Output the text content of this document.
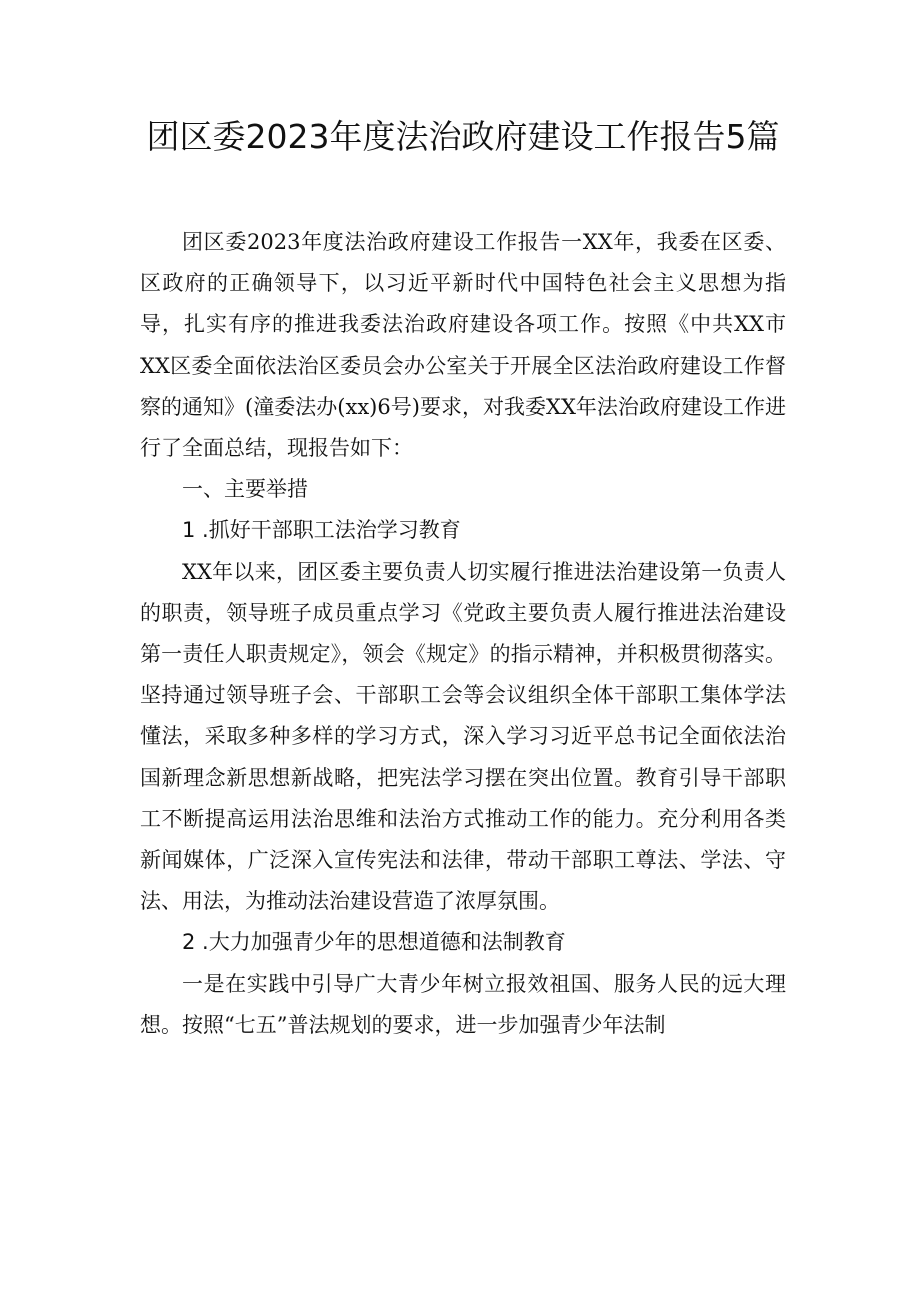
团区委2023年度法治政府建设工作报告5篇

团区委2023年度法治政府建设工作报告一XX年，我委在区委、区政府的正确领导下，以习近平新时代中国特色社会主义思想为指导，扎实有序的推进我委法治政府建设各项工作。按照《中共XX市XX区委全面依法治区委员会办公室关于开展全区法治政府建设工作督察的通知》(潼委法办(xx)6号)要求，对我委XX年法治政府建设工作进行了全面总结，现报告如下：

一、主要举措

1 .抓好干部职工法治学习教育

XX年以来，团区委主要负责人切实履行推进法治建设第一负责人的职责，领导班子成员重点学习《党政主要负责人履行推进法治建设第一责任人职责规定》，领会《规定》的指示精神，并积极贯彻落实。坚持通过领导班子会、干部职工会等会议组织全体干部职工集体学法懂法，采取多种多样的学习方式，深入学习习近平总书记全面依法治国新理念新思想新战略，把宪法学习摆在突出位置。教育引导干部职工不断提高运用法治思维和法治方式推动工作的能力。充分利用各类新闻媒体，广泛深入宣传宪法和法律，带动干部职工尊法、学法、守法、用法，为推动法治建设营造了浓厚氛围。

2 .大力加强青少年的思想道德和法制教育

一是在实践中引导广大青少年树立报效祖国、服务人民的远大理想。按照“七五”普法规划的要求，进一步加强青少年法制
